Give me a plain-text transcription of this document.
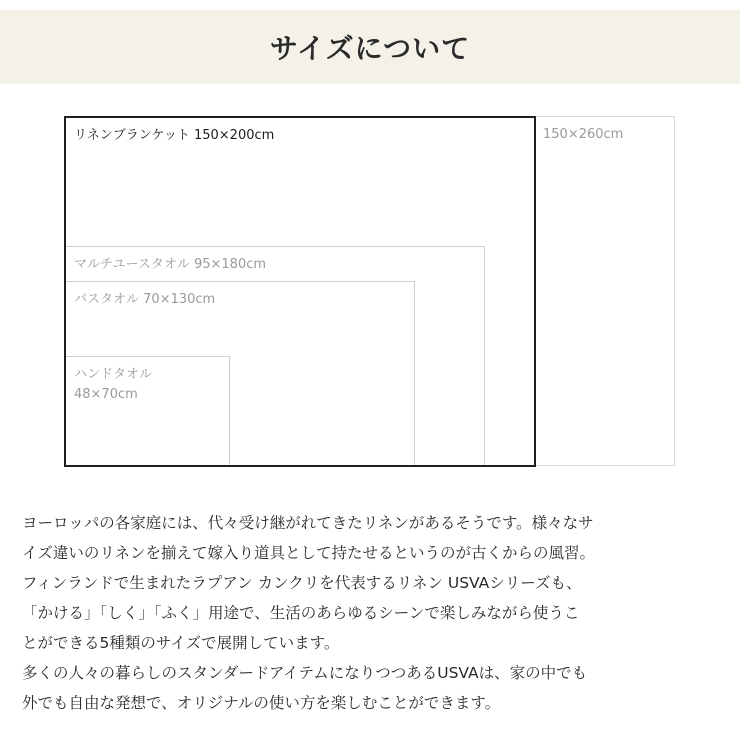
サイズについて
150×260cm
マルチユースタオル 95×180cm
バスタオル 70×130cm
ハンドタオル
48×70cm
リネンブランケット 150×200cm

ヨーロッパの各家庭には、代々受け継がれてきたリネンがあるそうです。様々なサ

イズ違いのリネンを揃えて嫁入り道具として持たせるというのが古くからの風習。

フィンランドで生まれたラプアン カンクリを代表するリネン USVAシリーズも、

「かける」「しく」「ふく」用途で、生活のあらゆるシーンで楽しみながら使うこ

とができる5種類のサイズで展開しています。

多くの人々の暮らしのスタンダードアイテムになりつつあるUSVAは、家の中でも

外でも自由な発想で、オリジナルの使い方を楽しむことができます。
